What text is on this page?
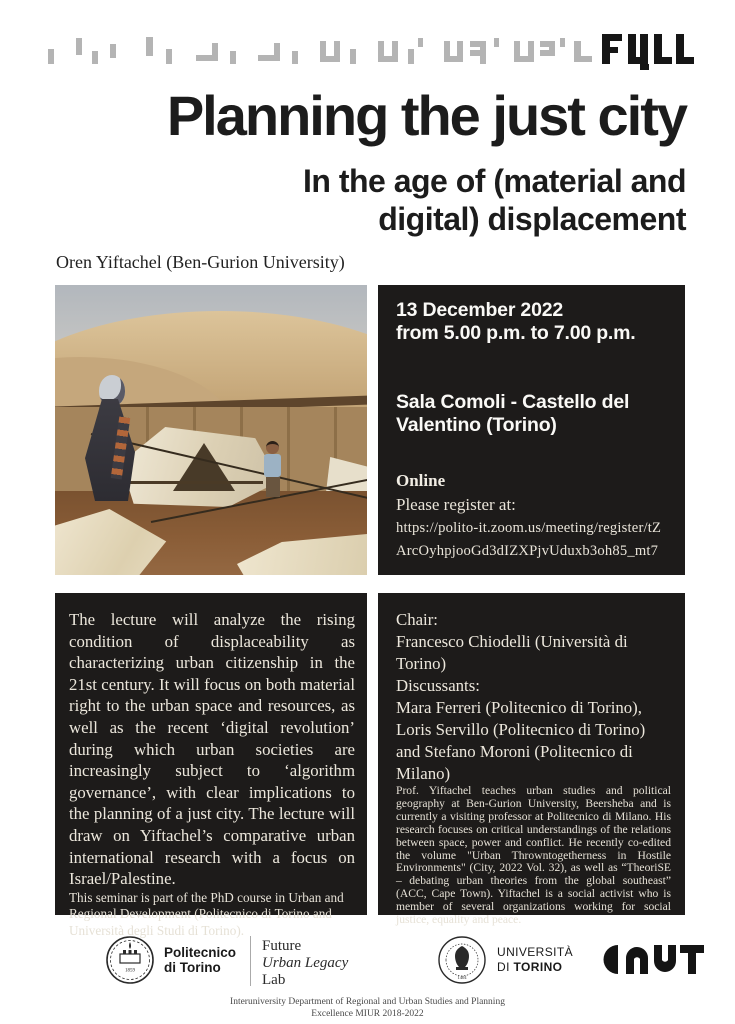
Planning the just city
In the age of (material and
digital) displacement
Oren Yiftachel (Ben-Gurion University)
13 December 2022
from 5.00 p.m. to 7.00 p.m.
Sala Comoli - Castello del
Valentino (Torino)
Online
Please register at:
https://polito-it.zoom.us/meeting/register/tZ
ArcOyhpjooGd3dIZXPjvUduxb3oh85_mt7

The lecture will analyze the rising condition of displaceability as characterizing urban citizenship in the 21st century. It will focus on both material right to the urban space and resources, as well as the recent ‘digital revolution’ during which urban societies are increasingly subject to ‘algorithm governance’, with clear implications to the planning of a just city. The lecture will draw on Yiftachel’s comparative urban international research with a focus on Israel/Palestine.

This seminar is part of the PhD course in Urban and Regional Development (Politecnico di Torino and Università degli Studi di Torino).

Chair:
Francesco Chiodelli (Università di Torino)
Discussants:
Mara Ferreri (Politecnico di Torino),
Loris Servillo (Politecnico di Torino)
and Stefano Moroni (Politecnico di Milano)

Prof. Yiftachel teaches urban studies and political geography at Ben-Gurion University, Beersheba and is currently a visiting professor at Politecnico di Milano. His research focuses on critical understandings of the relations between space, power and conflict. He recently co-edited the volume "Urban Throwntogetherness in Hostile Environments" (City, 2022 Vol. 32), as well as “TheoriSE – debating urban theories from the global southeast” (ACC, Cape Town). Yiftachel is a social activist who is member of several organizations working for social justice, equality and peace.

1859
Politecnico
di Torino
Future
Urban Legacy
Lab	1404
UNIVERSITÀ
DI TORINO
Interuniversity Department of Regional and Urban Studies and Planning
Excellence MIUR 2018-2022
